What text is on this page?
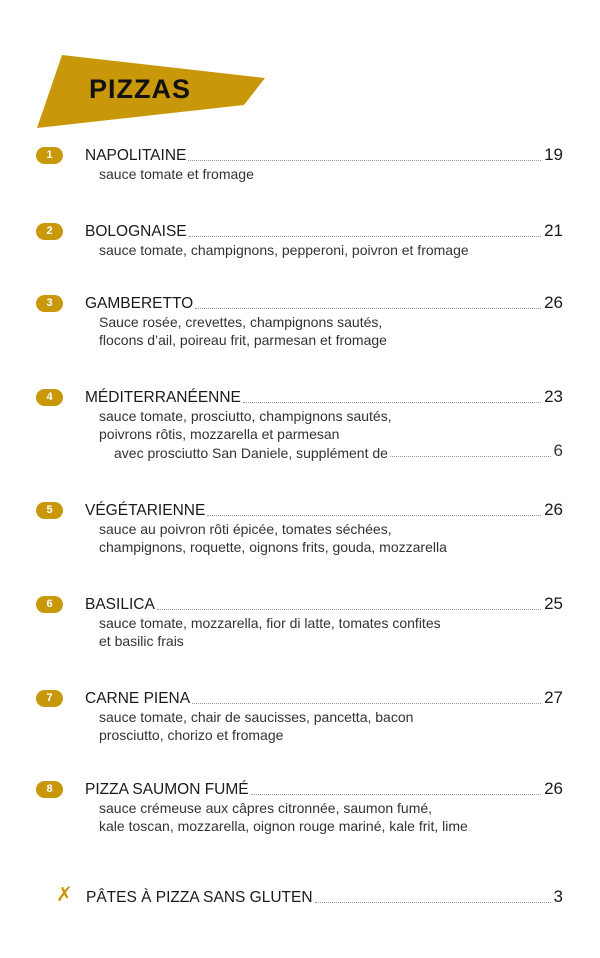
PIZZAS
1	NAPOLITAINE	19
sauce tomate et fromage
2	BOLOGNAISE	21
sauce tomate, champignons, pepperoni, poivron et fromage
3	GAMBERETTO	26
Sauce rosée, crevettes, champignons sautés,
flocons d’ail, poireau frit, parmesan et fromage
4	MÉDITERRANÉENNE	23
sauce tomate, prosciutto, champignons sautés,
poivrons rôtis, mozzarella et parmesan
avec prosciutto San Daniele, supplément de	6
5	VÉGÉTARIENNE	26
sauce au poivron rôti épicée, tomates séchées,
champignons, roquette, oignons frits, gouda, mozzarella
6	BASILICA	25
sauce tomate, mozzarella, fior di latte, tomates confites
et basilic frais
7	CARNE PIENA	27
sauce tomate, chair de saucisses, pancetta, bacon
prosciutto, chorizo et fromage
8	PIZZA SAUMON FUMÉ	26
sauce crémeuse aux câpres citronnée, saumon fumé,
kale toscan, mozzarella, oignon rouge mariné, kale frit, lime
✗ PÂTES À PIZZA SANS GLUTEN	3
